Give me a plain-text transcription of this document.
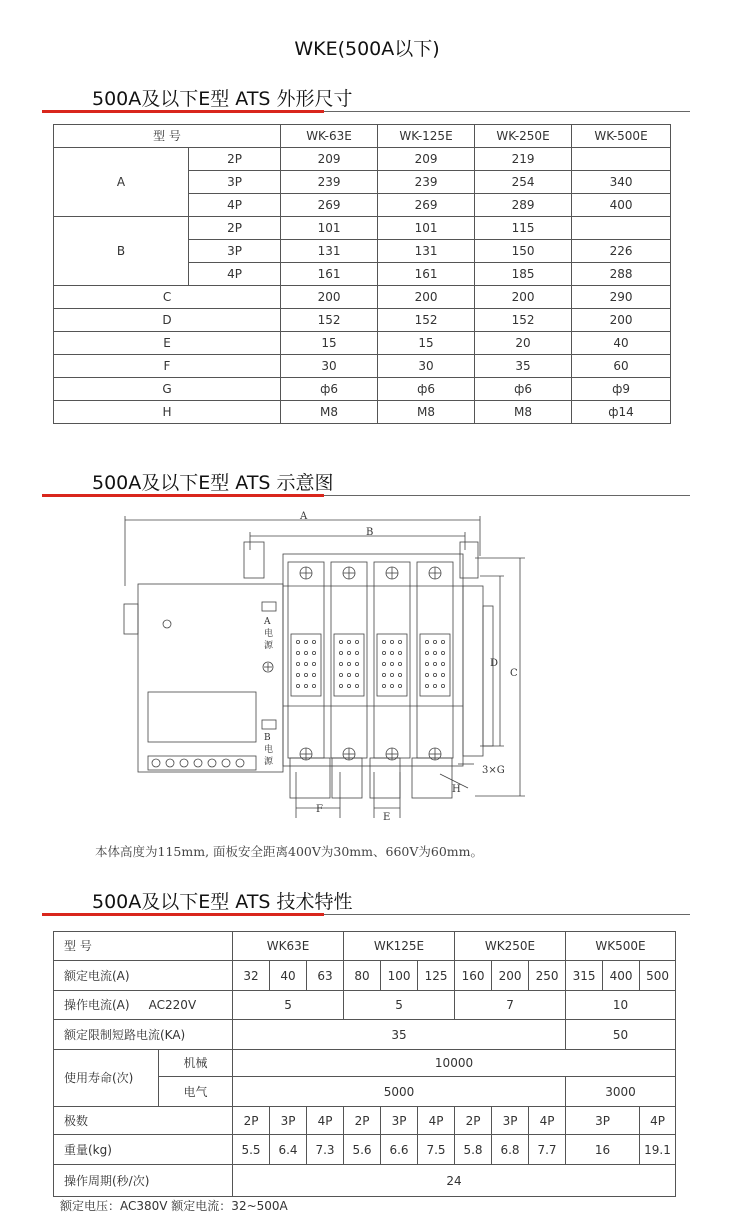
WKE(500A以下)
500A及以下E型 ATS 外形尺寸
型 号		WK-63E	WK-125E	WK-250E	WK-500E
A	2P	209	209	219	
	3P	239	239	254	340
	4P	269	269	289	400
B	2P	101	101	115	
	3P	131	131	150	226
	4P	161	161	185	288
C		200	200	200	290
D		152	152	152	200
E		15	15	20	40
F		30	30	35	60
G		ф6	ф6	ф6	ф9
H		M8	M8	M8	ф14
500A及以下E型 ATS 示意图
A
B
C
D
E
F
H
3×G
A
电
源
B
电
源
本体高度为115mm, 面板安全距离400V为30mm、660V为60mm。
500A及以下E型 ATS 技术特性
型 号		WK63E			WK125E			WK250E			WK500E		
额定电流(A)		32	40	63	80	100	125	160	200	250	315	400	500
操作电流(A) AC220V		5			5			7			10		
额定限制短路电流(KA)		35									50		
使用寿命(次)	机械	10000											
	电气	5000									3000		
极数		2P	3P	4P	2P	3P	4P	2P	3P	4P	3P		4P
重量(kg)		5.5	6.4	7.3	5.6	6.6	7.5	5.8	6.8	7.7	16		19.1
操作周期(秒/次)		24											
额定电压：AC380V 额定电流：32~500A
